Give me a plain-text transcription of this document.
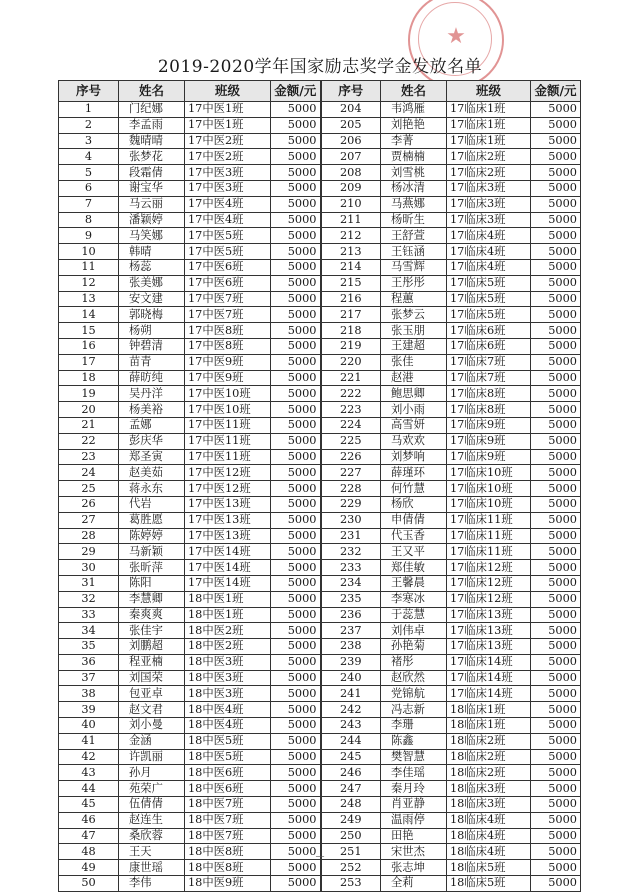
★
2019-2020学年国家励志奖学金发放名单
序号	姓名	班级	金额/元	序号	姓名	班级	金额/元
1	门纪娜	17中医1班	5000	204	韦鸿雁	17临床1班	5000
2	李孟雨	17中医1班	5000	205	刘艳艳	17临床1班	5000
3	魏晴晴	17中医2班	5000	206	李菁	17临床1班	5000
4	张梦花	17中医2班	5000	207	贾楠楠	17临床2班	5000
5	段霜倩	17中医3班	5000	208	刘雪桃	17临床2班	5000
6	谢宝华	17中医3班	5000	209	杨冰清	17临床3班	5000
7	马云丽	17中医4班	5000	210	马燕娜	17临床3班	5000
8	潘颖婷	17中医4班	5000	211	杨昕生	17临床3班	5000
9	马笑娜	17中医5班	5000	212	王舒萱	17临床4班	5000
10	韩晴	17中医5班	5000	213	王钰涵	17临床4班	5000
11	杨蕊	17中医6班	5000	214	马雪辉	17临床4班	5000
12	张美娜	17中医6班	5000	215	王彤彤	17临床5班	5000
13	安文建	17中医7班	5000	216	程蕙	17临床5班	5000
14	郭晓梅	17中医7班	5000	217	张梦云	17临床5班	5000
15	杨朔	17中医8班	5000	218	张玉朋	17临床6班	5000
16	钟碧清	17中医8班	5000	219	王建超	17临床6班	5000
17	苗青	17中医9班	5000	220	张佳	17临床7班	5000
18	薛昉纯	17中医9班	5000	221	赵港	17临床7班	5000
19	吴丹洋	17中医10班	5000	222	鲍思卿	17临床8班	5000
20	杨美裕	17中医10班	5000	223	刘小雨	17临床8班	5000
21	孟娜	17中医11班	5000	224	高雪妍	17临床9班	5000
22	彭庆华	17中医11班	5000	225	马欢欢	17临床9班	5000
23	郑圣寅	17中医11班	5000	226	刘梦响	17临床9班	5000
24	赵美茹	17中医12班	5000	227	薛瑾环	17临床10班	5000
25	蒋永东	17中医12班	5000	228	何竹慧	17临床10班	5000
26	代岩	17中医13班	5000	229	杨欣	17临床10班	5000
27	葛胜愿	17中医13班	5000	230	申倩倩	17临床11班	5000
28	陈婷婷	17中医13班	5000	231	代玉香	17临床11班	5000
29	马新颖	17中医14班	5000	232	王又平	17临床11班	5000
30	张昕萍	17中医14班	5000	233	郑佳敏	17临床12班	5000
31	陈阳	17中医14班	5000	234	王馨晨	17临床12班	5000
32	李慧卿	18中医1班	5000	235	李寒冰	17临床12班	5000
33	秦爽爽	18中医1班	5000	236	于蕊慧	17临床13班	5000
34	张佳宇	18中医2班	5000	237	刘伟卓	17临床13班	5000
35	刘鹏超	18中医2班	5000	238	孙艳菊	17临床13班	5000
36	程亚楠	18中医3班	5000	239	褚彤	17临床14班	5000
37	刘国荣	18中医3班	5000	240	赵欣然	17临床14班	5000
38	包亚卓	18中医3班	5000	241	党锦航	17临床14班	5000
39	赵文君	18中医4班	5000	242	冯志新	18临床1班	5000
40	刘小曼	18中医4班	5000	243	李珊	18临床1班	5000
41	金涵	18中医5班	5000	244	陈鑫	18临床2班	5000
42	许凯丽	18中医5班	5000	245	樊智慧	18临床2班	5000
43	孙月	18中医6班	5000	246	李佳瑶	18临床2班	5000
44	苑荣广	18中医6班	5000	247	秦月玲	18临床3班	5000
45	伍倩倩	18中医7班	5000	248	肖亚静	18临床3班	5000
46	赵连生	18中医7班	5000	249	温雨停	18临床4班	5000
47	桑欣蓉	18中医7班	5000	250	田艳	18临床4班	5000
48	王天	18中医8班	5000	251	宋世杰	18临床4班	5000
49	康世瑶	18中医8班	5000	252	张志坤	18临床5班	5000
50	李伟	18中医9班	5000	253	全莉	18临床5班	5000
—
